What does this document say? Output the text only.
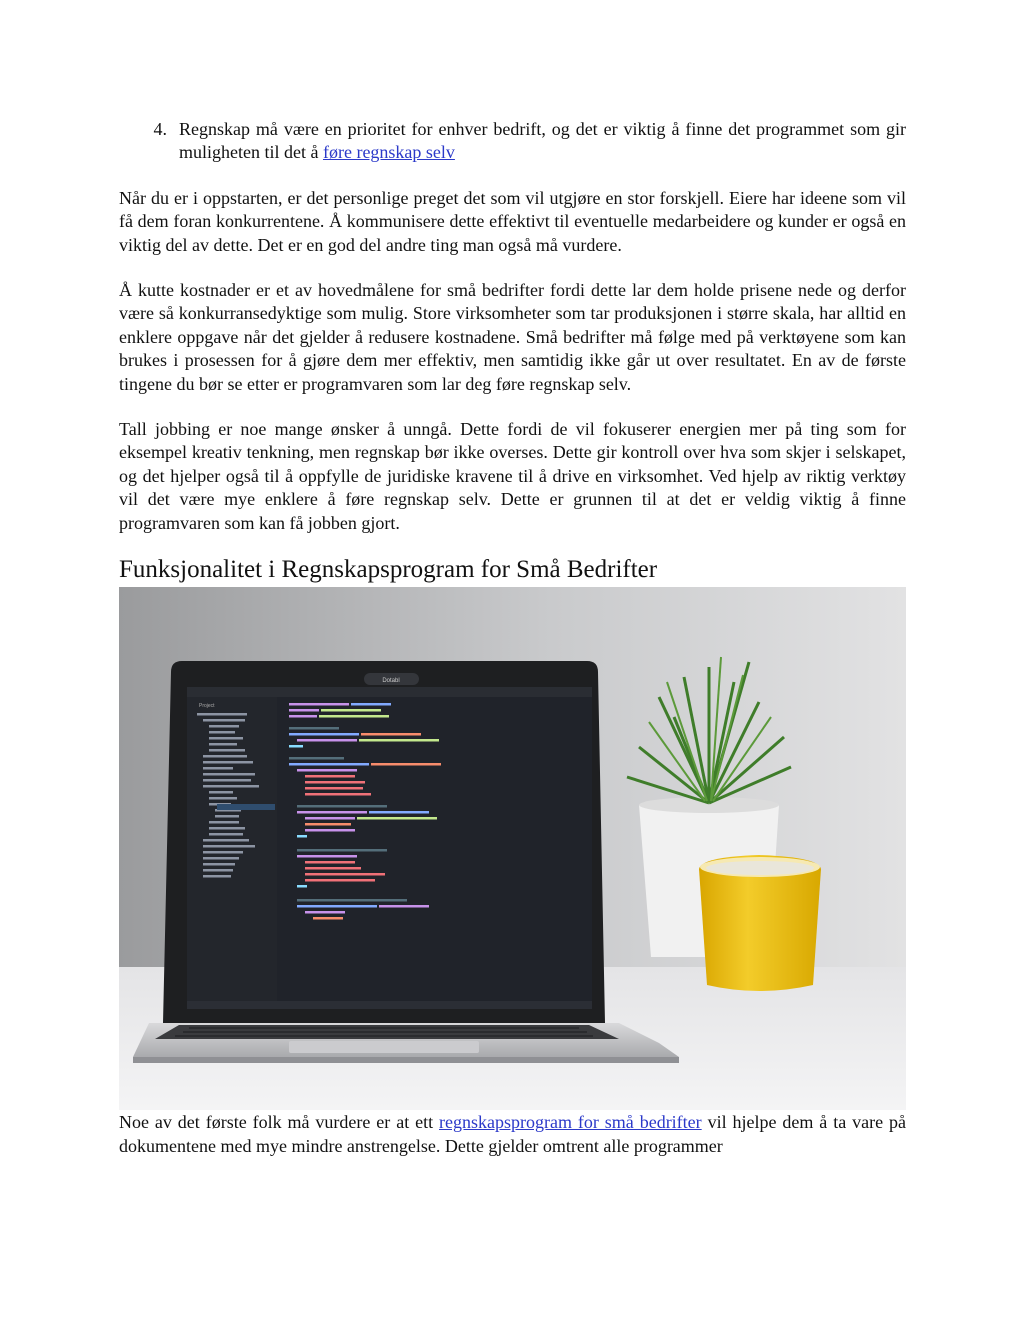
4. Regnskap må være en prioritet for enhver bedrift, og det er viktig å finne det programmet som gir muligheten til det å føre regnskap selv

Når du er i oppstarten, er det personlige preget det som vil utgjøre en stor forskjell. Eiere har ideene som vil få dem foran konkurrentene. Å kommunisere dette effektivt til eventuelle medarbeidere og kunder er også en viktig del av dette. Det er en god del andre ting man også må vurdere.

Å kutte kostnader er et av hovedmålene for små bedrifter fordi dette lar dem holde prisene nede og derfor være så konkurransedyktige som mulig. Store virksomheter som tar produksjonen i større skala, har alltid en enklere oppgave når det gjelder å redusere kostnadene. Små bedrifter må følge med på verktøyene som kan brukes i prosessen for å gjøre dem mer effektiv, men samtidig ikke går ut over resultatet. En av de første tingene du bør se etter er programvaren som lar deg føre regnskap selv.

Tall jobbing er noe mange ønsker å unngå. Dette fordi de vil fokuserer energien mer på ting som for eksempel kreativ tenkning, men regnskap bør ikke overses. Dette gir kontroll over hva som skjer i selskapet, og det hjelper også til å oppfylle de juridiske kravene til å drive en virksomhet. Ved hjelp av riktig verktøy vil det være mye enklere å føre regnskap selv. Dette er grunnen til at det er veldig viktig å finne programvaren som kan få jobben gjort.

Funksjonalitet i Regnskapsprogram for Små Bedrifter
Dotabl
Project

Noe av det første folk må vurdere er at ett regnskapsprogram for små bedrifter vil hjelpe dem å ta vare på dokumentene med mye mindre anstrengelse. Dette gjelder omtrent alle programmer
